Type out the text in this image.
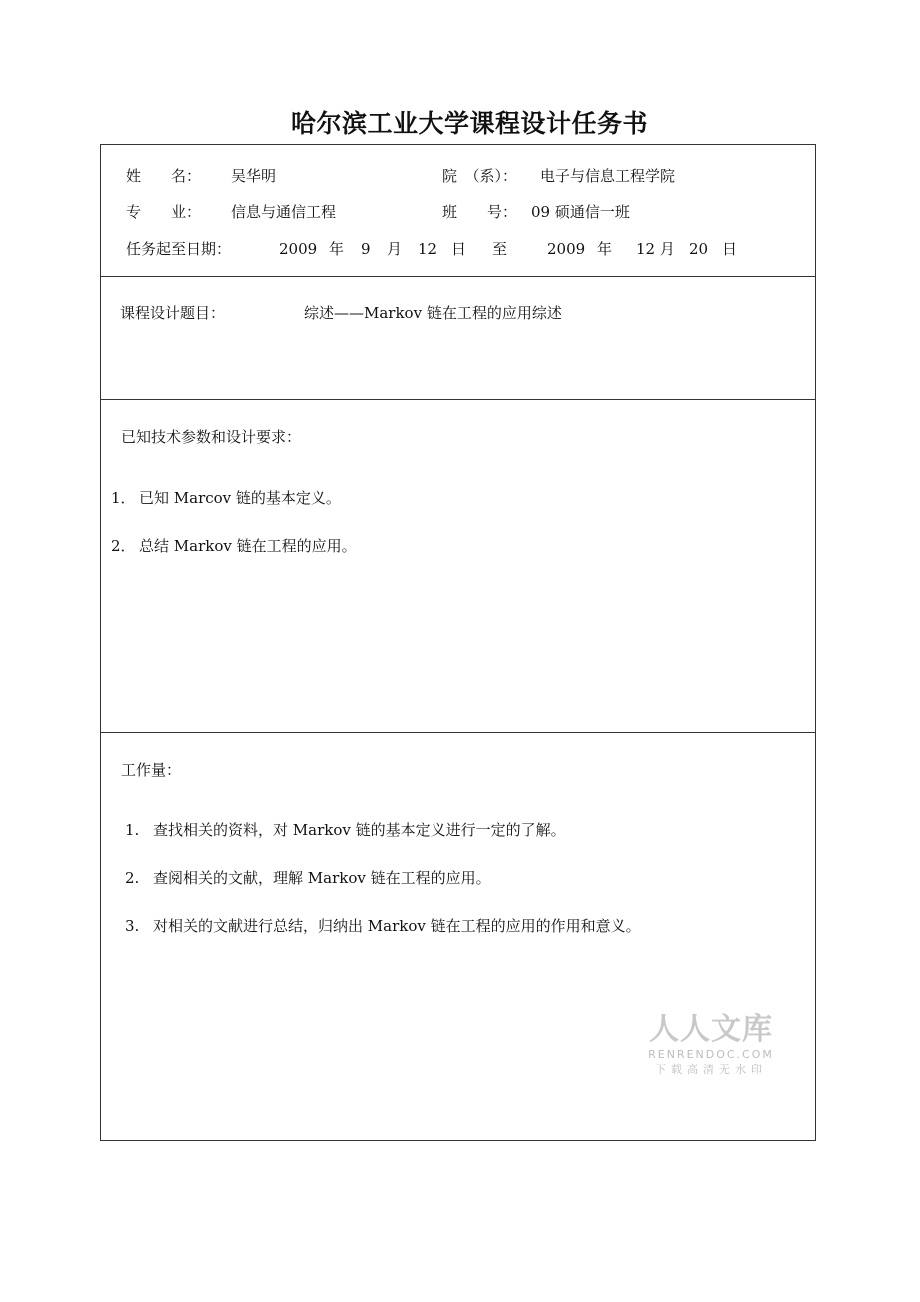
哈尔滨工业大学课程设计任务书
姓　　名： 吴华明	院　（系）： 电子与信息工程学院
专　　业： 信息与通信工程	班　　号： 09 硕通信一班
任务起至日期：	2009 年 9 月 12 日 至	2009 年 12 月 20 日
课程设计题目：	综述——Markov 链在工程的应用综述
已知技术参数和设计要求：
1． 已知 Marcov 链的基本定义。
2． 总结 Markov 链在工程的应用。
工作量：
1. 查找相关的资料，对 Markov 链的基本定义进行一定的了解。
2. 查阅相关的文献，理解 Markov 链在工程的应用。
3. 对相关的文献进行总结，归纳出 Markov 链在工程的应用的作用和意义。
人人文库
RENRENDOC.COM
下载高清无水印
